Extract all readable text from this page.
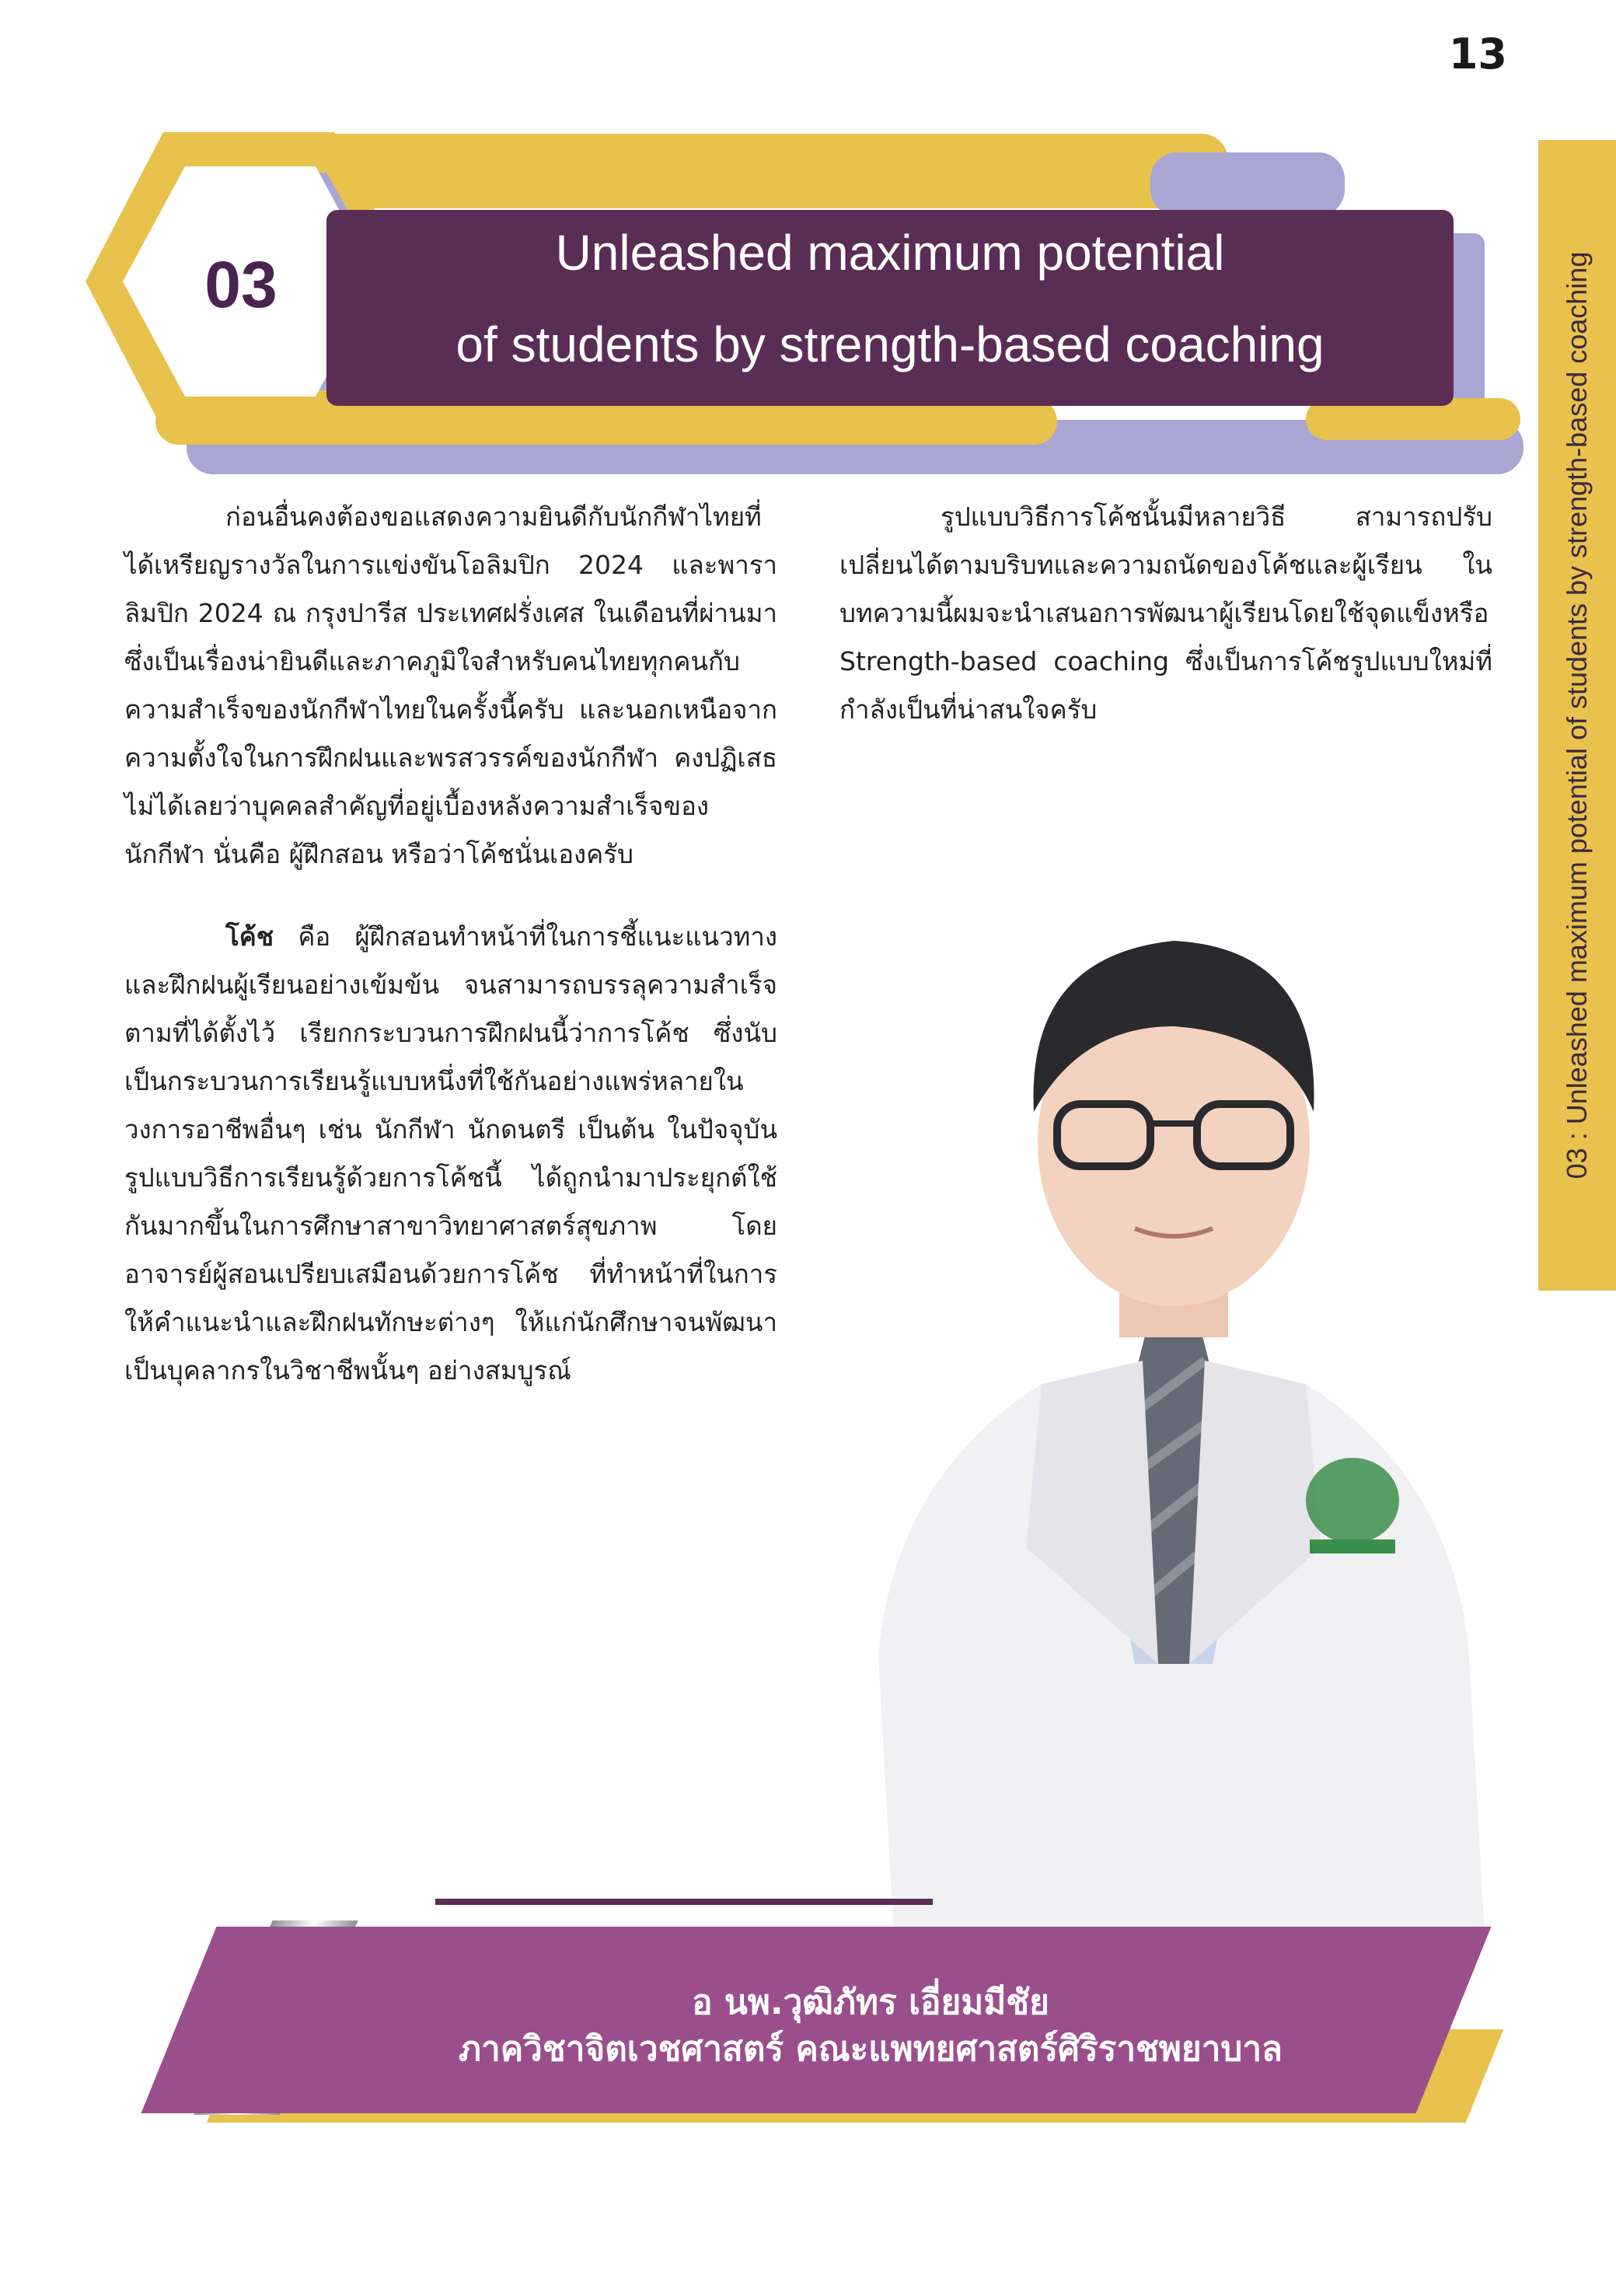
13
03 : Unleashed maximum potential of students by strength-based coaching
03	Unleashed maximum potential
of students by strength-based coaching

ก่อนอื่นคงต้องขอแสดงความยินดีกับนักกีฬาไทยที่ได้เหรียญรางวัลในการแข่งขันโอลิมปิก 2024 และพาราลิมปิก 2024 ณ กรุงปารีส ประเทศฝรั่งเศส ในเดือนที่ผ่านมา ซึ่งเป็นเรื่องน่ายินดีและภาคภูมิใจสำหรับคนไทยทุกคนกับความสำเร็จของนักกีฬาไทยในครั้งนี้ครับ และนอกเหนือจากความตั้งใจในการฝึกฝนและพรสวรรค์ของนักกีฬา คงปฏิเสธไม่ได้เลยว่าบุคคลสำคัญที่อยู่เบื้องหลังความสำเร็จของนักกีฬา นั่นคือ ผู้ฝึกสอน หรือว่าโค้ชนั่นเองครับ

โค้ช คือ ผู้ฝึกสอนทำหน้าที่ในการชี้แนะแนวทางและฝึกฝนผู้เรียนอย่างเข้มข้น จนสามารถบรรลุความสำเร็จตามที่ได้ตั้งไว้ เรียกกระบวนการฝึกฝนนี้ว่าการโค้ช ซึ่งนับเป็นกระบวนการเรียนรู้แบบหนึ่งที่ใช้กันอย่างแพร่หลายในวงการอาชีพอื่นๆ เช่น นักกีฬา นักดนตรี เป็นต้น ในปัจจุบันรูปแบบวิธีการเรียนรู้ด้วยการโค้ชนี้ ได้ถูกนำมาประยุกต์ใช้กันมากขึ้นในการศึกษาสาขาวิทยาศาสตร์สุขภาพ โดยอาจารย์ผู้สอนเปรียบเสมือนด้วยการโค้ช ที่ทำหน้าที่ในการให้คำแนะนำและฝึกฝนทักษะต่างๆ ให้แก่นักศึกษาจนพัฒนาเป็นบุคลากรในวิชาชีพนั้นๆ อย่างสมบูรณ์

รูปแบบวิธีการโค้ชนั้นมีหลายวิธี สามารถปรับเปลี่ยนได้ตามบริบทและความถนัดของโค้ชและผู้เรียน ในบทความนี้ผมจะนำเสนอการพัฒนาผู้เรียนโดยใช้จุดแข็งหรือ Strength-based coaching ซึ่งเป็นการโค้ชรูปแบบใหม่ที่กำลังเป็นที่น่าสนใจครับ

อ นพ.วุฒิภัทร เอี่ยมมีชัย
ภาควิชาจิตเวชศาสตร์ คณะแพทยศาสตร์ศิริราชพยาบาล
